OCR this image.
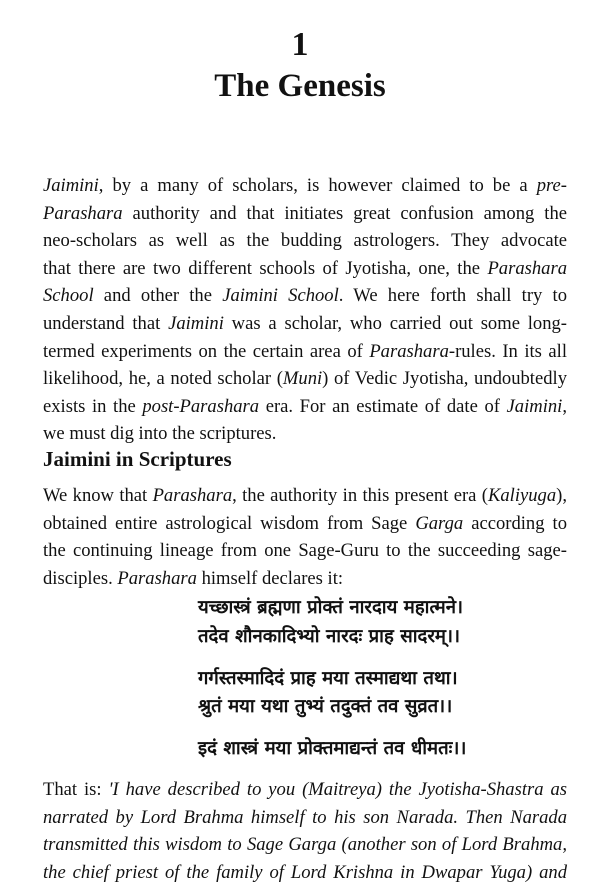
1
The Genesis
Jaimini, by a many of scholars, is however claimed to be a pre-
Parashara authority and that initiates great confusion among the
neo-scholars as well as the budding astrologers. They advocate
that there are two different schools of Jyotisha, one, the Parashara
School and other the Jaimini School. We here forth shall try to
understand that Jaimini was a scholar, who carried out some long-
termed experiments on the certain area of Parashara-rules. In its all
likelihood, he, a noted scholar (Muni) of Vedic Jyotisha, undoubtedly
exists in the post-Parashara era. For an estimate of date of Jaimini,
we must dig into the scriptures.
Jaimini in Scriptures
We know that Parashara, the authority in this present era (Kaliyuga),
obtained entire astrological wisdom from Sage Garga according to
the continuing lineage from one Sage-Guru to the succeeding sage-
disciples. Parashara himself declares it:
यच्छास्त्रं ब्रह्मणा प्रोक्तं नारदाय महात्मने।
तदेव शौनकादिभ्यो नारदः प्राह सादरम्।।
गर्गस्तस्मादिदं प्राह मया तस्माद्यथा तथा।
श्रुतं मया यथा तुभ्यं तदुक्तं तव सुव्रत।।
इदं शास्त्रं मया प्रोक्तमाद्यन्तं तव धीमतः।।
That is: 'I have described to you (Maitreya) the Jyotisha-Shastra as
narrated by Lord Brahma himself to his son Narada. Then Narada
transmitted this wisdom to Sage Garga (another son of Lord Brahma,
the chief priest of the family of Lord Krishna in Dwapar Yuga) and
